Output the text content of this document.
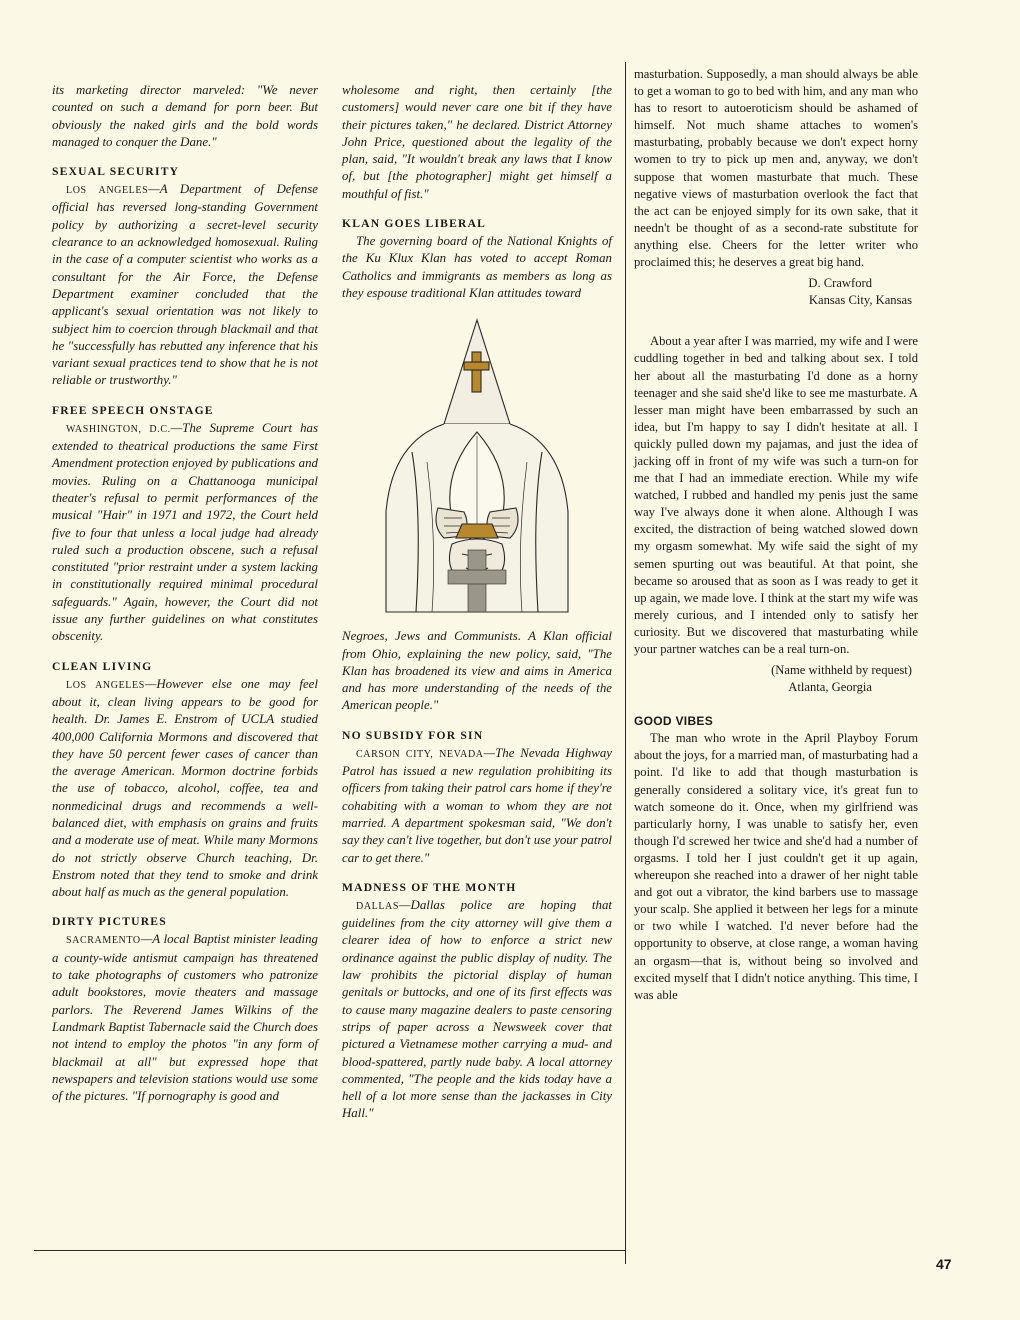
its marketing director marveled: "We never counted on such a demand for porn beer. But obviously the naked girls and the bold words managed to conquer the Dane."

SEXUAL SECURITY

LOS ANGELES—A Department of Defense official has reversed long-standing Government policy by authorizing a secret-level security clearance to an acknowledged homosexual. Ruling in the case of a computer scientist who works as a consultant for the Air Force, the Defense Department examiner concluded that the applicant's sexual orientation was not likely to subject him to coercion through blackmail and that he "successfully has rebutted any inference that his variant sexual practices tend to show that he is not reliable or trustworthy."

FREE SPEECH ONSTAGE

WASHINGTON, D.C.—The Supreme Court has extended to theatrical productions the same First Amendment protection enjoyed by publications and movies. Ruling on a Chattanooga municipal theater's refusal to permit performances of the musical "Hair" in 1971 and 1972, the Court held five to four that unless a local judge had already ruled such a production obscene, such a refusal constituted "prior restraint under a system lacking in constitutionally required minimal procedural safeguards." Again, however, the Court did not issue any further guidelines on what constitutes obscenity.

CLEAN LIVING

LOS ANGELES—However else one may feel about it, clean living appears to be good for health. Dr. James E. Enstrom of UCLA studied 400,000 California Mormons and discovered that they have 50 percent fewer cases of cancer than the average American. Mormon doctrine forbids the use of tobacco, alcohol, coffee, tea and nonmedicinal drugs and recommends a well-balanced diet, with emphasis on grains and fruits and a moderate use of meat. While many Mormons do not strictly observe Church teaching, Dr. Enstrom noted that they tend to smoke and drink about half as much as the general population.

DIRTY PICTURES

SACRAMENTO—A local Baptist minister leading a county-wide antismut campaign has threatened to take photographs of customers who patronize adult bookstores, movie theaters and massage parlors. The Reverend James Wilkins of the Landmark Baptist Tabernacle said the Church does not intend to employ the photos "in any form of blackmail at all" but expressed hope that newspapers and television stations would use some of the pictures. "If pornography is good and

wholesome and right, then certainly [the customers] would never care one bit if they have their pictures taken," he declared. District Attorney John Price, questioned about the legality of the plan, said, "It wouldn't break any laws that I know of, but [the photographer] might get himself a mouthful of fist."

KLAN GOES LIBERAL

The governing board of the National Knights of the Ku Klux Klan has voted to accept Roman Catholics and immigrants as members as long as they espouse traditional Klan attitudes toward

Negroes, Jews and Communists. A Klan official from Ohio, explaining the new policy, said, "The Klan has broadened its view and aims in America and has more understanding of the needs of the American people."

NO SUBSIDY FOR SIN

CARSON CITY, NEVADA—The Nevada Highway Patrol has issued a new regulation prohibiting its officers from taking their patrol cars home if they're cohabiting with a woman to whom they are not married. A department spokesman said, "We don't say they can't live together, but don't use your patrol car to get there."

MADNESS OF THE MONTH

DALLAS—Dallas police are hoping that guidelines from the city attorney will give them a clearer idea of how to enforce a strict new ordinance against the public display of nudity. The law prohibits the pictorial display of human genitals or buttocks, and one of its first effects was to cause many magazine dealers to paste censoring strips of paper across a Newsweek cover that pictured a Vietnamese mother carrying a mud- and blood-spattered, partly nude baby. A local attorney commented, "The people and the kids today have a hell of a lot more sense than the jackasses in City Hall."

masturbation. Supposedly, a man should always be able to get a woman to go to bed with him, and any man who has to resort to autoeroticism should be ashamed of himself. Not much shame attaches to women's masturbating, probably because we don't expect horny women to try to pick up men and, anyway, we don't suppose that women masturbate that much. These negative views of masturbation overlook the fact that the act can be enjoyed simply for its own sake, that it needn't be thought of as a second-rate substitute for anything else. Cheers for the letter writer who proclaimed this; he deserves a great big hand.

D. Crawford
Kansas City, Kansas

About a year after I was married, my wife and I were cuddling together in bed and talking about sex. I told her about all the masturbating I'd done as a horny teenager and she said she'd like to see me masturbate. A lesser man might have been embarrassed by such an idea, but I'm happy to say I didn't hesitate at all. I quickly pulled down my pajamas, and just the idea of jacking off in front of my wife was such a turn-on for me that I had an immediate erection. While my wife watched, I rubbed and handled my penis just the same way I've always done it when alone. Although I was excited, the distraction of being watched slowed down my orgasm somewhat. My wife said the sight of my semen spurting out was beautiful. At that point, she became so aroused that as soon as I was ready to get it up again, we made love. I think at the start my wife was merely curious, and I intended only to satisfy her curiosity. But we discovered that masturbating while your partner watches can be a real turn-on.

(Name withheld by request)
Atlanta, Georgia
GOOD VIBES

The man who wrote in the April Playboy Forum about the joys, for a married man, of masturbating had a point. I'd like to add that though masturbation is generally considered a solitary vice, it's great fun to watch someone do it. Once, when my girlfriend was particularly horny, I was unable to satisfy her, even though I'd screwed her twice and she'd had a number of orgasms. I told her I just couldn't get it up again, whereupon she reached into a drawer of her night table and got out a vibrator, the kind barbers use to massage your scalp. She applied it between her legs for a minute or two while I watched. I'd never before had the opportunity to observe, at close range, a woman having an orgasm—that is, without being so involved and excited myself that I didn't notice anything. This time, I was able

47
